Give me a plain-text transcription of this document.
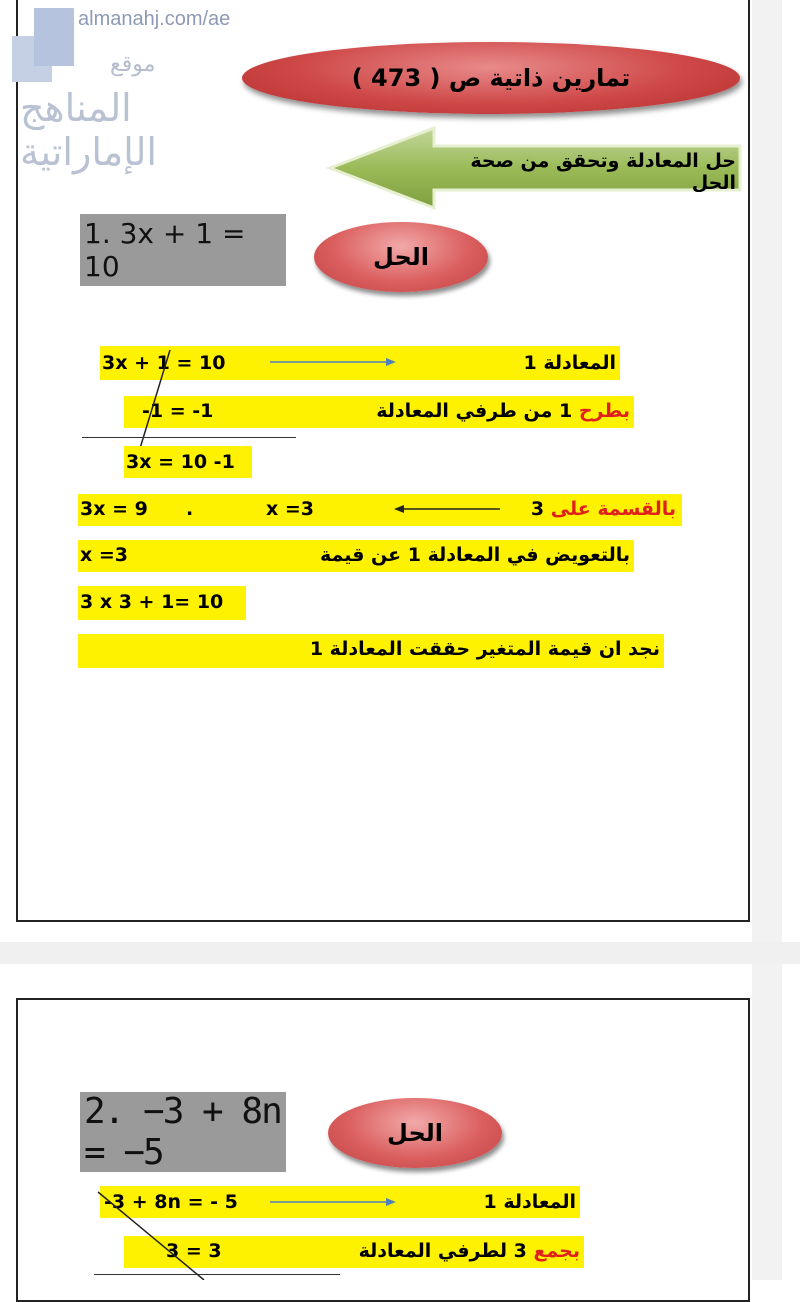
almanahj.com/ae
موقع
المناهج الإماراتية
تمارين ذاتية ص ( 473 )
حل المعادلة وتحقق من صحة الحل
1. 3x + 1 = 10	الحل
3x + 1 = 10	المعادلة 1
-1 = -1	بطرح 1 من طرفي المعادلة
3x = 10 -1
3x = 9 .	x =3	بالقسمة على 3
x =3	بالتعويض في المعادلة 1 عن قيمة
3 x 3 + 1= 10
نجد ان قيمة المتغير حققت المعادلة 1
2. −3 + 8n = −5	الحل
-3 + 8n = - 5	المعادلة 1
3 = 3	بجمع 3 لطرفي المعادلة
